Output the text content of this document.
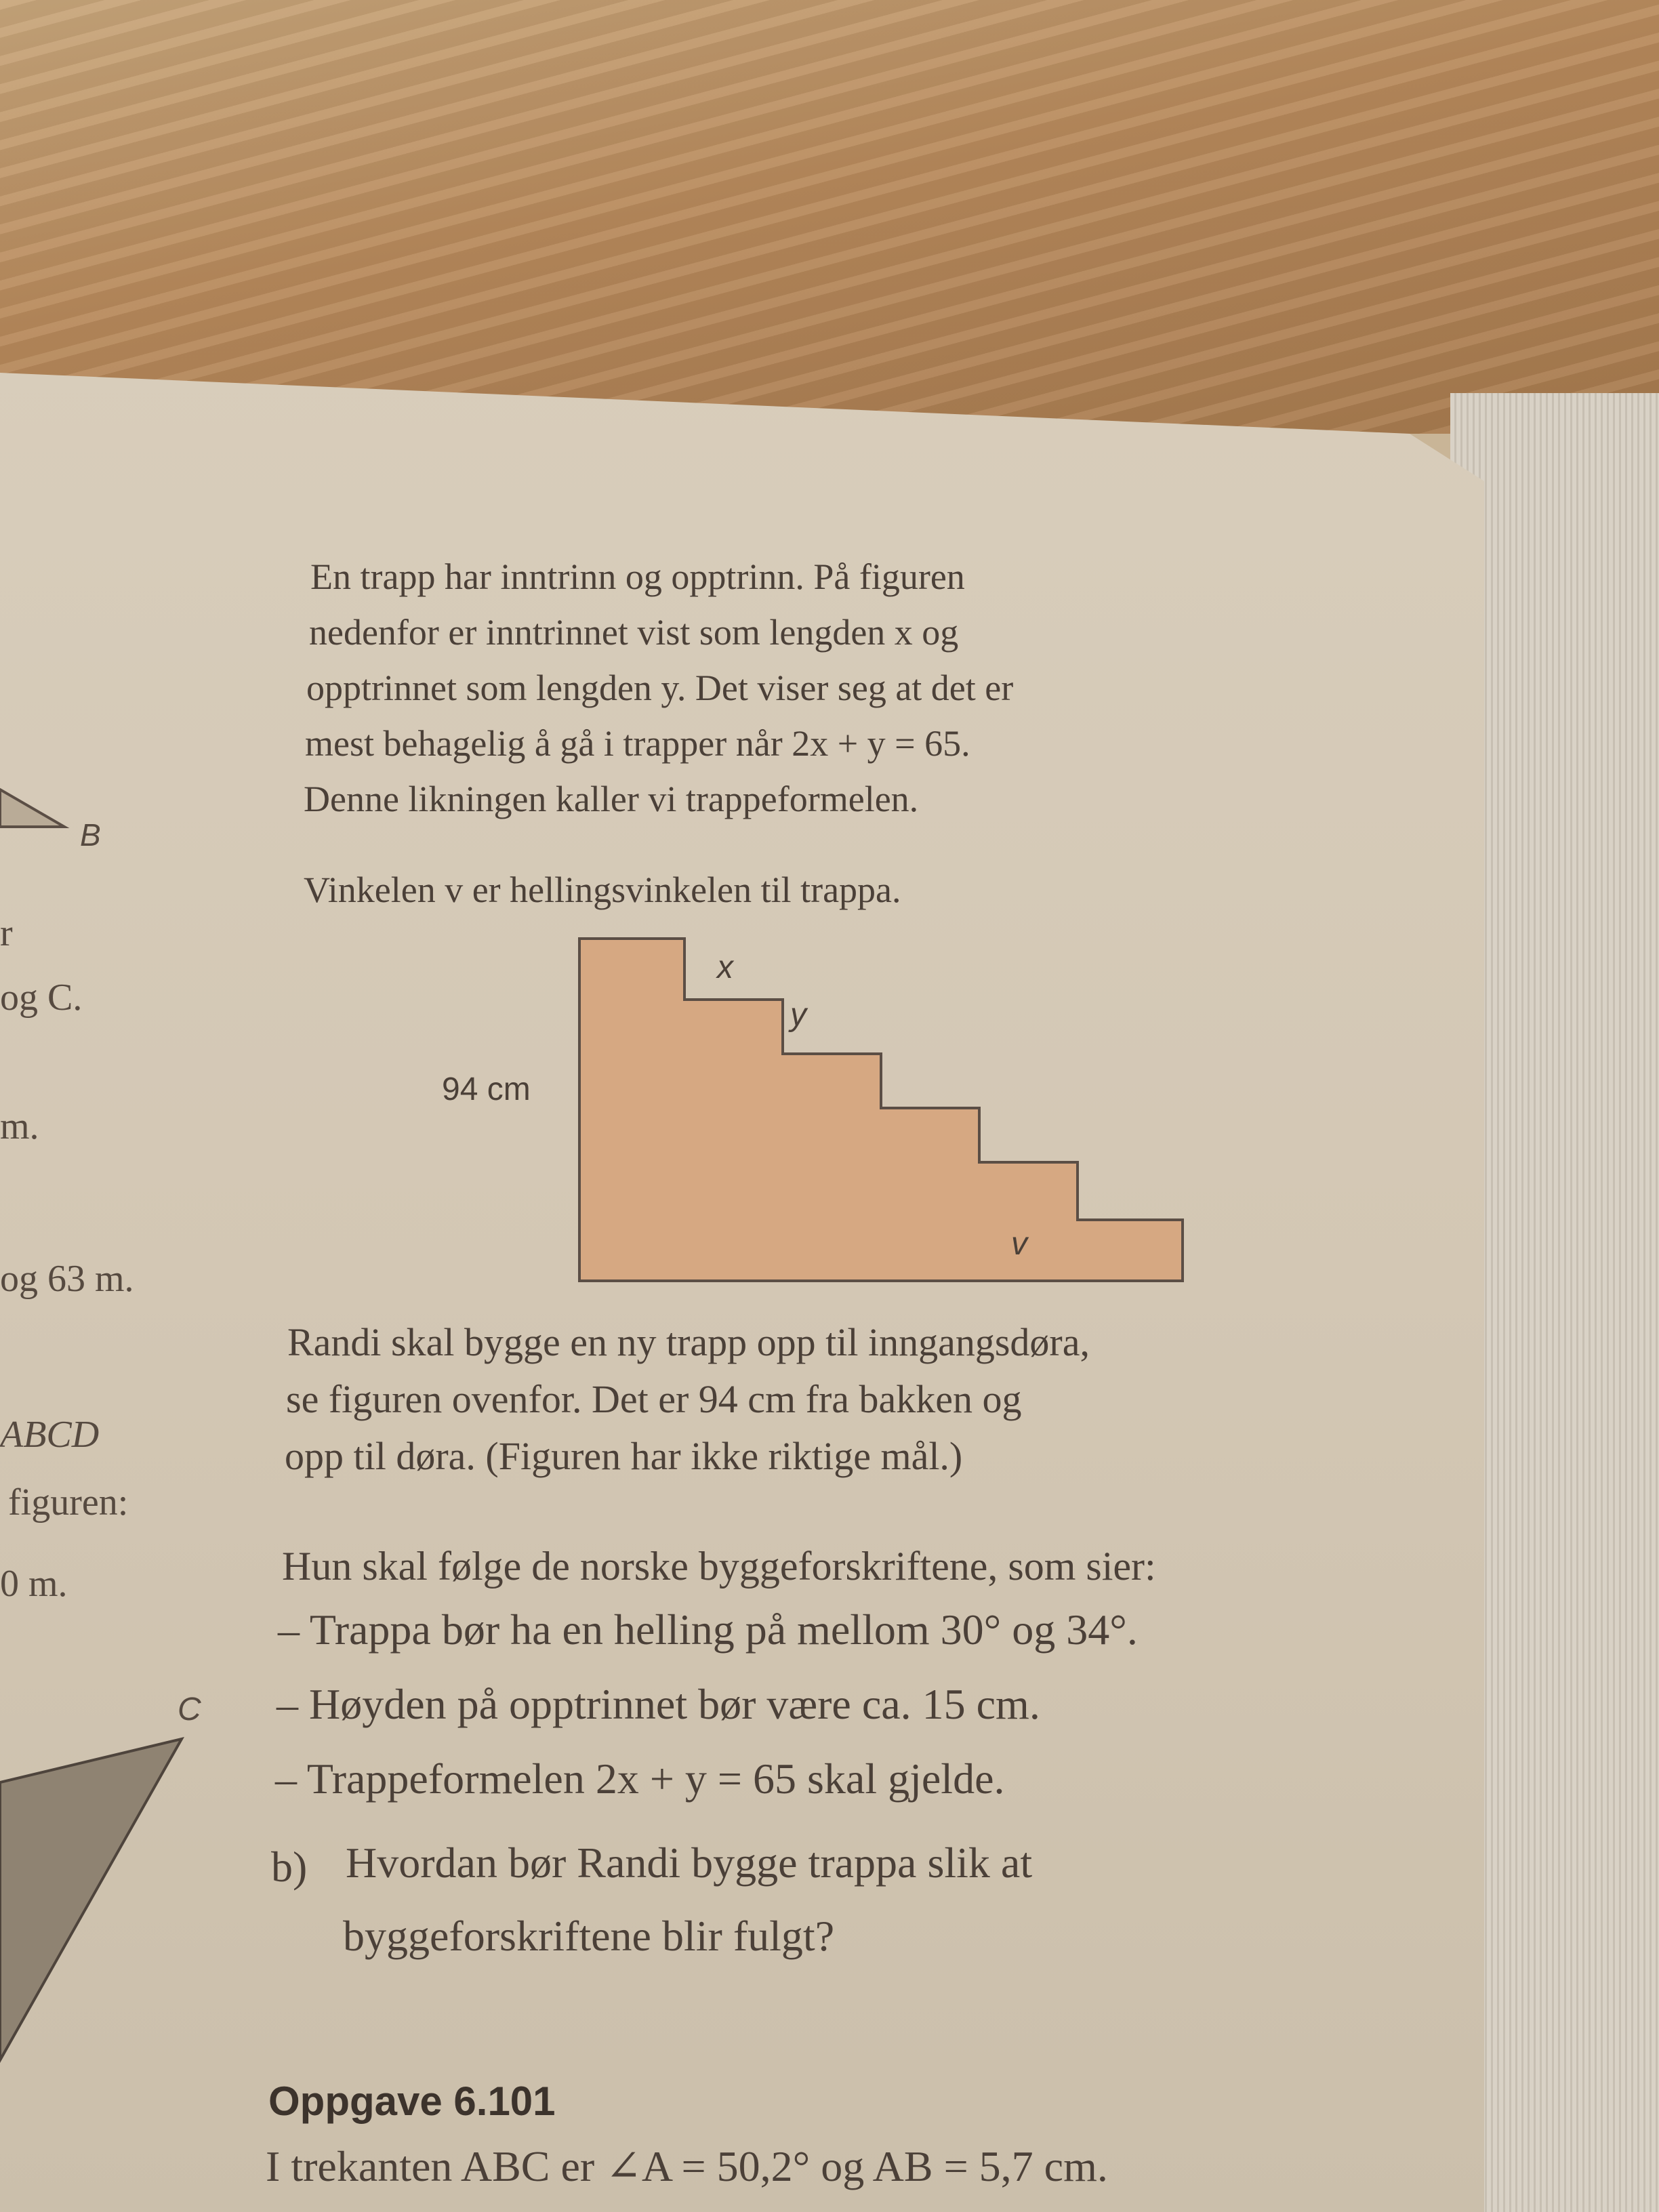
B
r
og C.
m.
og 63 m.
ABCD
figuren:
0 m.
C
En trapp har inntrinn og opptrinn. På figuren
nedenfor er inntrinnet vist som lengden x og
opptrinnet som lengden y. Det viser seg at det er
mest behagelig å gå i trapper når 2x + y = 65.
Denne likningen kaller vi trappeformelen.
Vinkelen v er hellingsvinkelen til trappa.
x
y
94 cm
v
Randi skal bygge en ny trapp opp til inngangsdøra,
se figuren ovenfor. Det er 94 cm fra bakken og
opp til døra. (Figuren har ikke riktige mål.)
Hun skal følge de norske byggeforskriftene, som sier:
– Trappa bør ha en helling på mellom 30° og 34°.
– Høyden på opptrinnet bør være ca. 15 cm.
– Trappeformelen 2x + y = 65 skal gjelde.
b) Hvordan bør Randi bygge trappa slik at
byggeforskriftene blir fulgt?
Oppgave 6.101
I trekanten ABC er ∠A = 50,2° og AB = 5,7 cm.
